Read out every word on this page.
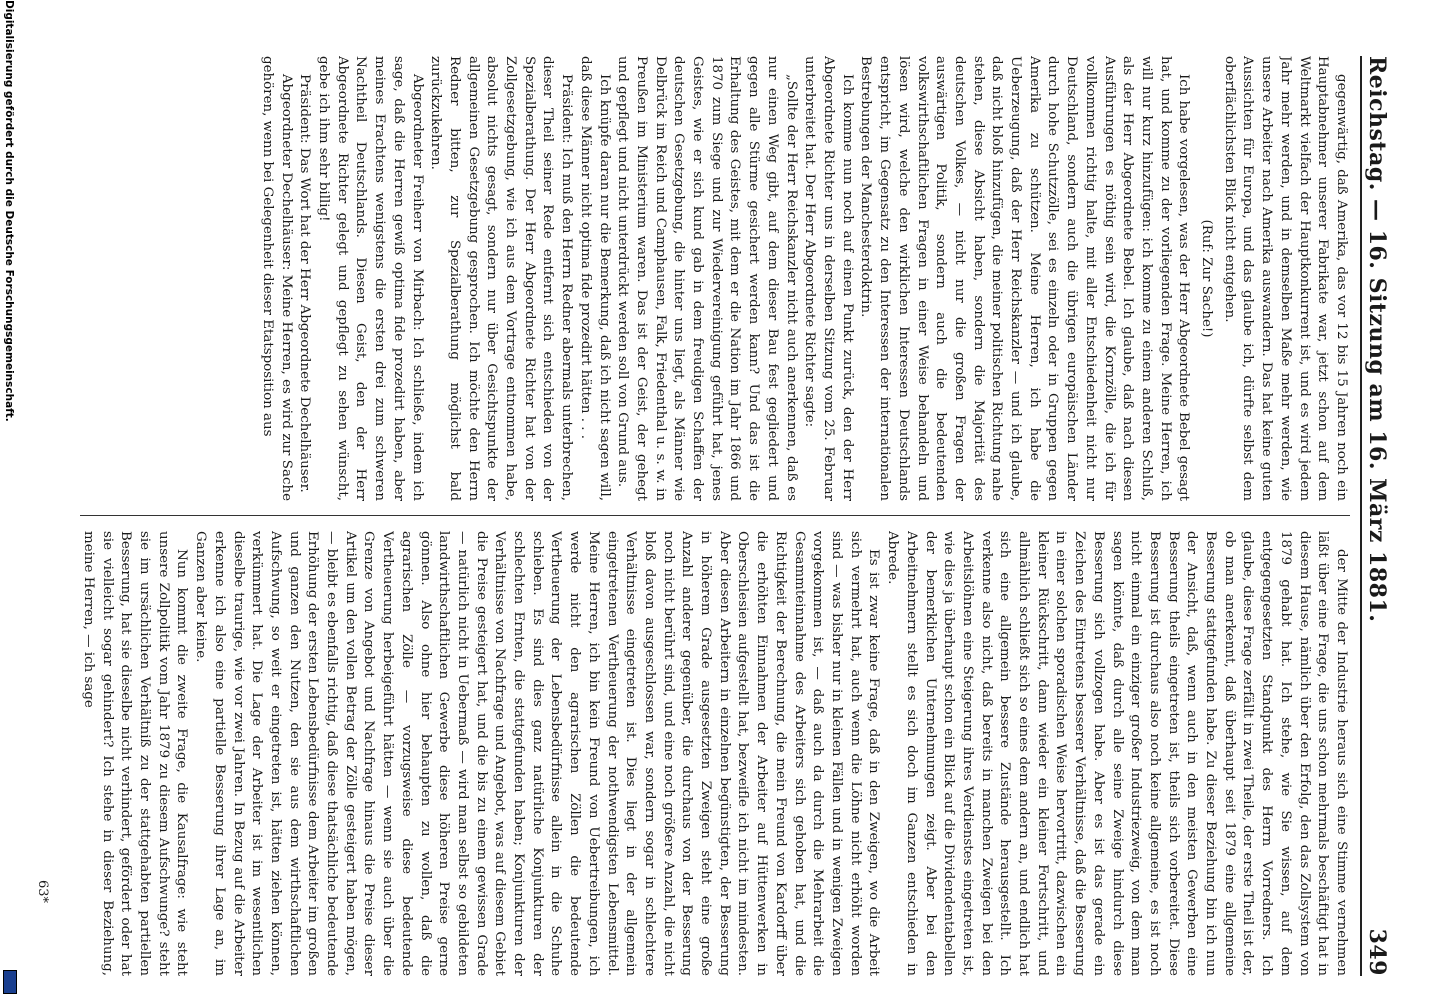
Reichstag. — 16. Sitzung am 16. März 1881.
349

gegenwärtig, daß Amerika, das vor 12 bis 15 Jahren noch ein Hauptabnehmer unserer Fabrikate war, jetzt schon auf dem Weltmarkt vielfach der Hauptkonkurrent ist, und es wird jedem Jahr mehr werden, und in demselben Maße mehr werden, wie unsere Arbeiter nach Amerika auswandern. Das hat keine guten Aussichten für Europa, und das glaube ich, dürfte selbst dem oberflächlichsten Blick nicht entgehen.

(Ruf: Zur Sache!)

Ich habe vorgelesen, was der Herr Abgeordnete Bebel gesagt hat, und komme zu der vorliegenden Frage. Meine Herren, ich will nur kurz hinzufügen: ich komme zu einem anderen Schluß, als der Herr Abgeordnete Bebel. Ich glaube, daß nach diesen Ausführungen es nöthig sein wird, die Kornzölle, die ich für vollkommen richtig halte, mit aller Entschiedenheit nicht nur Deutschland, sondern auch die übrigen europäischen Länder durch hohe Schutzzölle, sei es einzeln oder in Gruppen gegen Amerika zu schützen. Meine Herren, ich habe die Ueberzeugung, daß der Herr Reichskanzler — und ich glaube, daß nicht bloß hinzufügen, die meiner politischen Richtung nahe stehen, diese Absicht haben, sondern die Majorität des deutschen Volkes, — nicht nur die großen Fragen der auswärtigen Politik, sondern auch die bedeutenden volkswirthschaftlichen Fragen in einer Weise behandeln und lösen wird, welche den wirklichen Interessen Deutschlands entspricht, im Gegensatz zu den Interessen der internationalen Bestrebungen der Manchesterdoktrin.

Ich komme nun noch auf einen Punkt zurück, den der Herr Abgeordnete Richter uns in derselben Sitzung vom 25. Februar unterbreitet hat. Der Herr Abgeordnete Richter sagte:

„Sollte der Herr Reichskanzler nicht auch anerkennen, daß es nur einen Weg gibt, auf dem dieser Bau fest gegliedert und gegen alle Stürme gesichert werden kann? Und das ist die Erhaltung des Geistes, mit dem er die Nation im Jahr 1866 und 1870 zum Siege und zur Wiedervereinigung geführt hat, jenes Geistes, wie er sich kund gab in dem freudigen Schaffen der deutschen Gesetzgebung, die hinter uns liegt, als Männer wie Delbrück im Reich und Camphausen, Falk, Friedenthal u. s. w. in Preußen im Ministerium waren. Das ist der Geist, der gehegt und gepflegt und nicht unterdrückt werden soll von Grund aus.

Ich knüpfe daran nur die Bemerkung, daß ich nicht sagen will, daß diese Männer nicht optima fide prozedirt hätten . . .

Präsident: Ich muß den Herrn Redner abermals unterbrechen, dieser Theil seiner Rede entfernt sich entschieden von der Spezialberathung. Der Herr Abgeordnete Richter hat von der Zollgesetzgebung, wie ich aus dem Vortrage entnommen habe, absolut nichts gesagt, sondern nur über Gesichtspunkte der allgemeinen Gesetzgebung gesprochen. Ich möchte den Herrn Redner bitten, zur Spezialberathung möglichst bald zurückzukehren.

Abgeordneter Freiherr von Mirbach: Ich schließe, indem ich sage, daß die Herren gewiß optima fide prozedirt haben, aber meines Erachtens wenigstens die ersten drei zum schweren Nachtheil Deutschlands. Diesen Geist, den der Herr Abgeordnete Richter gelegt und gepflegt zu sehen wünscht, gebe ich ihm sehr billig!

Präsident: Das Wort hat der Herr Abgeordnete Dechelhäuser.

Abgeordneter Dechelhäuser: Meine Herren, es wird zur Sache gehören, wenn bei Gelegenheit dieser Etatsposition aus

der Mitte der Industrie heraus sich eine Stimme vernehmen läßt über eine Frage, die uns schon mehrmals beschäftigt hat in diesem Hause, nämlich über den Erfolg, den das Zollsystem von 1879 gehabt hat. Ich stehe, wie Sie wissen, auf dem entgegengesetzten Standpunkt des Herrn Vorredners. Ich glaube, diese Frage zerfällt in zwei Theile, der erste Theil ist der, ob man anerkennt, daß überhaupt seit 1879 eine allgemeine Besserung stattgefunden habe. Zu dieser Beziehung bin ich nun der Ansicht, daß, wenn auch in den meisten Gewerben eine Besserung theils eingetreten ist, theils sich vorbereitet. Diese Besserung ist durchaus also noch keine allgemeine, es ist noch nicht einmal ein einziger großer Industriezweig, von dem man sagen könnte, daß durch alle seine Zweige hindurch diese Besserung sich vollzogen habe. Aber es ist das gerade ein Zeichen des Eintretens besserer Verhältnisse, daß die Besserung in einer solchen sporadischen Weise hervortritt, dazwischen ein kleiner Rückschritt, dann wieder ein kleiner Fortschritt, und allmählich schließt sich so eines dem andern an, und endlich hat sich eine allgemein bessere Zustände herausgestellt. Ich verkenne also nicht, daß bereits in manchen Zweigen bei den Arbeitslöhnen eine Steigerung ihres Verdienstes eingetreten ist, wie dies ja überhaupt schon ein Blick auf die Dividendentabellen der bemerklichen Unternehmungen zeigt. Aber bei den Arbeitnehmern stellt es sich doch im Ganzen entschieden in Abrede.

Es ist zwar keine Frage, daß in den Zweigen, wo die Arbeit sich vermehrt hat, auch wenn die Löhne nicht erhöht worden sind — was bisher nur in kleinen Fällen und in wenigen Zweigen vorgekommen ist, — daß auch da durch die Mehrarbeit die Gesammteinnahme des Arbeiters sich gehoben hat, und die Richtigkeit der Berechnung, die mein Freund von Kardorff über die erhöhten Einnahmen der Arbeiter auf Hüttenwerken in Oberschlesien aufgestellt hat, bezweifle ich nicht im mindesten. Aber diesen Arbeitern in einzelnen begünstigten, der Besserung in höherem Grade ausgesetzten Zweigen steht eine große Anzahl anderer gegenüber, die durchaus von der Besserung noch nicht berührt sind, und eine noch größere Anzahl, die nicht bloß davon ausgeschlossen war, sondern sogar in schlechtere Verhältnisse eingetreten ist. Dies liegt in der allgemein eingetretenen Vertheuerung der nothwendigsten Lebensmittel. Meine Herren, ich bin kein Freund von Uebertreibungen, ich werde nicht den agrarischen Zöllen die bedeutende Vertheuerung der Lebensbedürfnisse allein in die Schuhe schieben. Es sind dies ganz natürliche Konjunkturen der schlechten Ernten, die stattgefunden haben; Konjunkturen der Verhältnisse von Nachfrage und Angebot, was auf diesem Gebiet die Preise gesteigert hat, und die bis zu einem gewissen Grade — natürlich nicht in Uebermaß — wird man selbst so gebildeten landwirthschaftlichen Gewerbe diese höheren Preise gerne gönnen. Also ohne hier behaupten zu wollen, daß die agrarischen Zölle — vorzugsweise diese bedeutende Vertheuerung herbeigeführt hätten — wenn sie auch über die Grenze von Angebot und Nachfrage hinaus die Preise dieser Artikel um den vollen Betrag der Zölle gesteigert haben mögen, — bleibt es ebenfalls richtig, daß diese thatsächliche bedeutende Erhöhung der ersten Lebensbedürfnisse dem Arbeiter im großen und ganzen den Nutzen, den sie aus dem wirthschaftlichen Aufschwung, so weit er eingetreten ist, hätten ziehen können, verkümmert hat. Die Lage der Arbeiter ist im wesentlichen dieselbe traurige, wie vor zwei Jahren. In Bezug auf die Arbeiter erkenne ich also eine partielle Besserung ihrer Lage an, im Ganzen aber keine.

Nun kommt die zweite Frage, die Kausalfrage: wie steht unsere Zollpolitik vom Jahr 1879 zu diesem Aufschwunge? steht sie im ursächlichen Verhältniß zu der stattgehabten partiellen Besserung, hat sie dieselbe nicht verhindert, gefördert oder hat sie vielleicht sogar gehindert? Ich stehe in dieser Beziehung, meine Herren, — ich sage

63*
Digitalisierung gefördert durch die Deutsche Forschungsgemeinschaft.
